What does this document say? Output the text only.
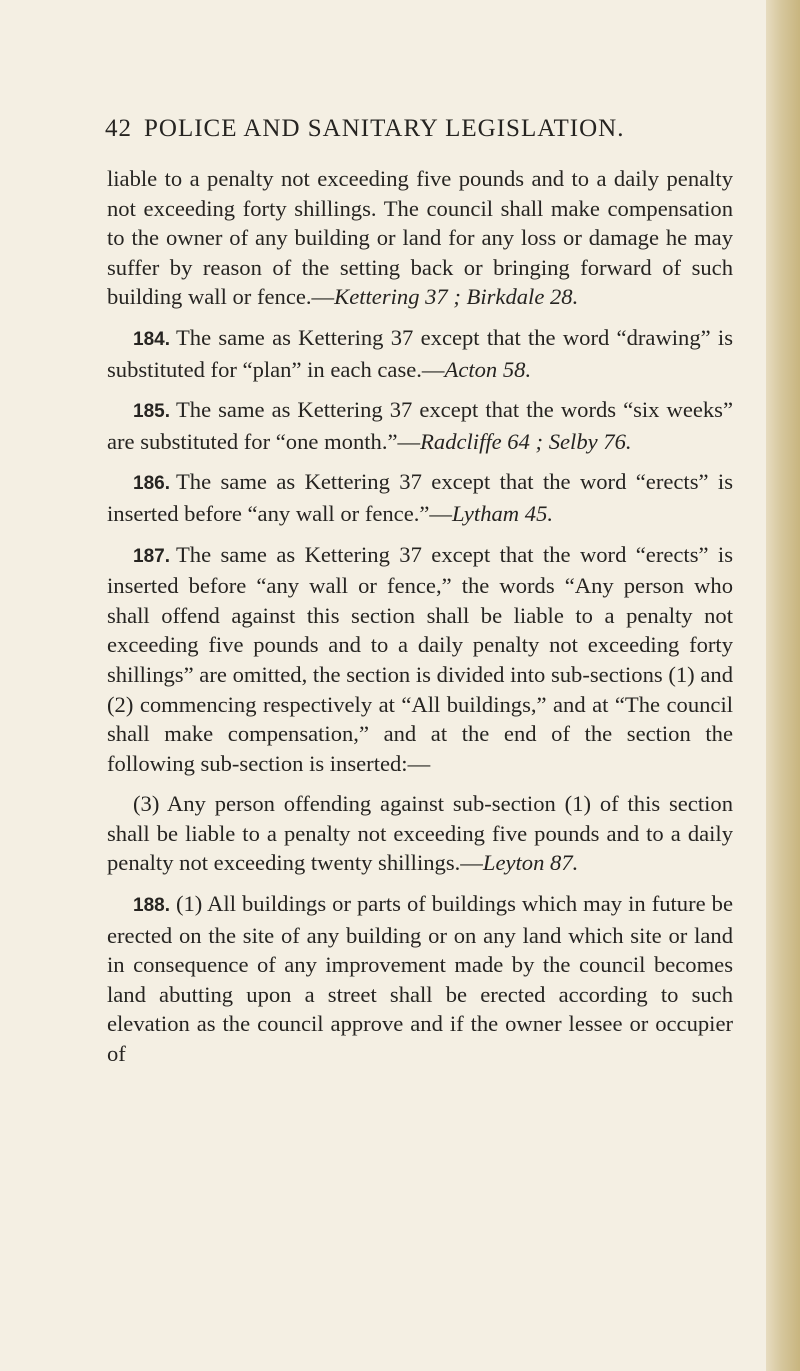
42 POLICE AND SANITARY LEGISLATION.

liable to a penalty not exceeding five pounds and to a daily penalty not exceeding forty shillings. The council shall make compensation to the owner of any building or land for any loss or damage he may suffer by reason of the setting back or bringing forward of such building wall or fence.—Kettering 37 ; Birkdale 28.

184. The same as Kettering 37 except that the word “drawing” is substituted for “plan” in each case.—Acton 58.

185. The same as Kettering 37 except that the words “six weeks” are substituted for “one month.”—Radcliffe 64 ; Selby 76.

186. The same as Kettering 37 except that the word “erects” is inserted before “any wall or fence.”—Lytham 45.

187. The same as Kettering 37 except that the word “erects” is inserted before “any wall or fence,” the words “Any person who shall offend against this section shall be liable to a penalty not exceeding five pounds and to a daily penalty not exceeding forty shillings” are omitted, the section is divided into sub-sections (1) and (2) commencing respectively at “All buildings,” and at “The council shall make compensation,” and at the end of the section the following sub-section is inserted:—

(3) Any person offending against sub-section (1) of this section shall be liable to a penalty not exceeding five pounds and to a daily penalty not exceeding twenty shillings.—Leyton 87.

188. (1) All buildings or parts of buildings which may in future be erected on the site of any building or on any land which site or land in consequence of any improvement made by the council becomes land abutting upon a street shall be erected according to such elevation as the council approve and if the owner lessee or occupier of
